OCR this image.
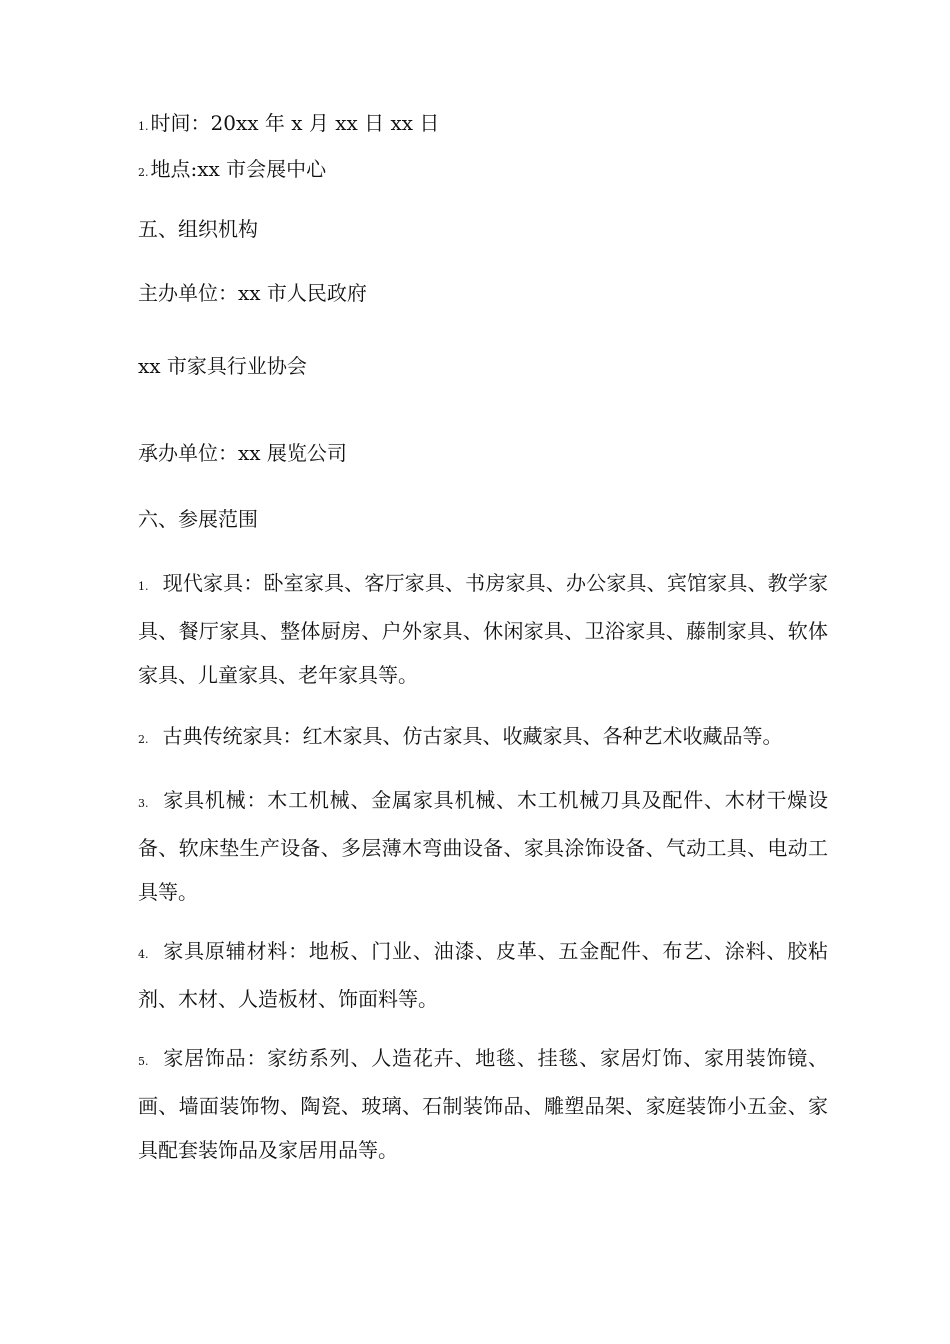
1. 时间：20xx 年 x 月 xx 日 xx 日
2. 地点:xx 市会展中心
五、组织机构
主办单位：xx 市人民政府
xx 市家具行业协会
承办单位：xx 展览公司
六、参展范围
1. 现代家具：卧室家具、客厅家具、书房家具、办公家具、宾馆家具、教学家具、餐厅家具、整体厨房、户外家具、休闲家具、卫浴家具、藤制家具、软体家具、儿童家具、老年家具等。
2. 古典传统家具：红木家具、仿古家具、收藏家具、各种艺术收藏品等。
3. 家具机械：木工机械、金属家具机械、木工机械刀具及配件、木材干燥设备、软床垫生产设备、多层薄木弯曲设备、家具涂饰设备、气动工具、电动工具等。
4. 家具原辅材料：地板、门业、油漆、皮革、五金配件、布艺、涂料、胶粘剂、木材、人造板材、饰面料等。
5. 家居饰品：家纺系列、人造花卉、地毯、挂毯、家居灯饰、家用装饰镜、画、墙面装饰物、陶瓷、玻璃、石制装饰品、雕塑品架、家庭装饰小五金、家具配套装饰品及家居用品等。
